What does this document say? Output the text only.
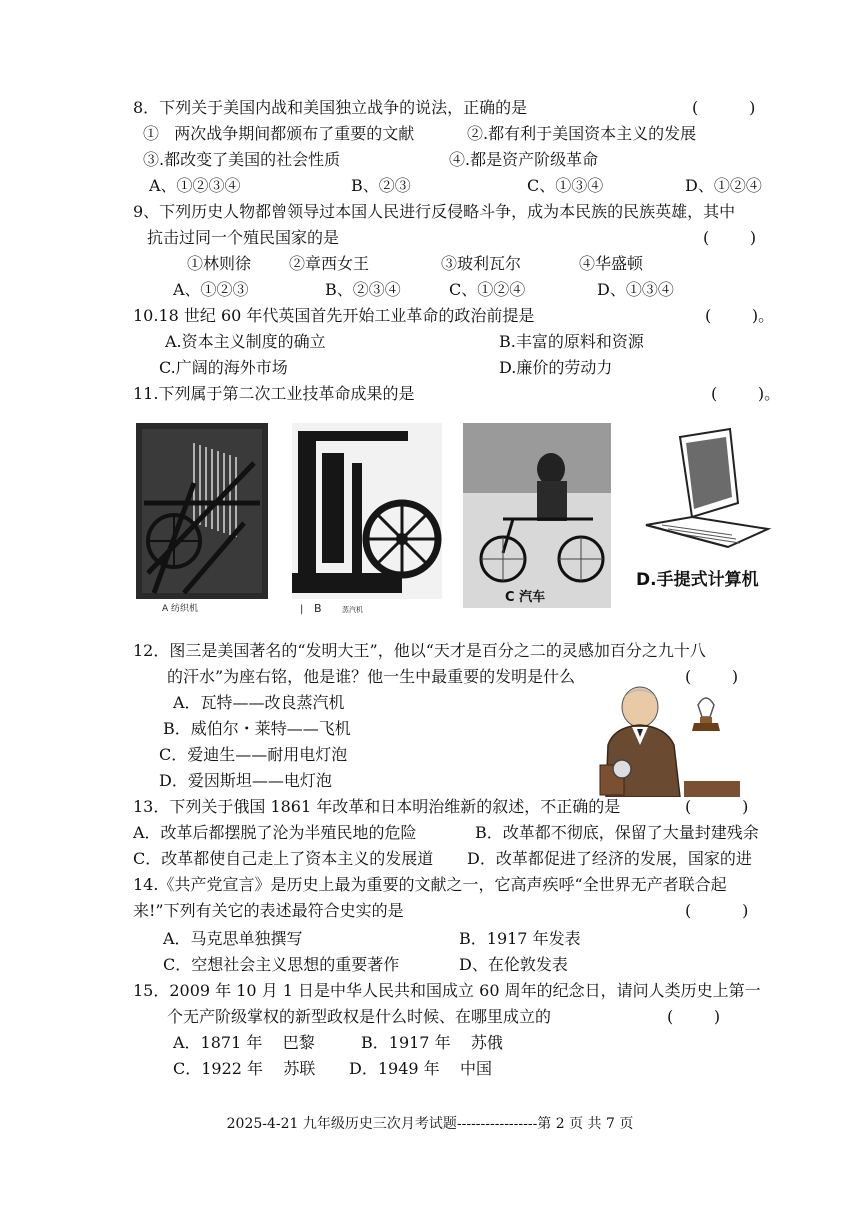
8．下列关于美国内战和美国独立战争的说法，正确的是	(          )
①   两次战争期间都颁布了重要的文献	②.都有利于美国资本主义的发展
③.都改变了美国的社会性质	④.都是资产阶级革命
A、①②③④	B、②③	C、①③④	D、①②④
9、下列历史人物都曾领导过本国人民进行反侵略斗争，成为本民族的民族英雄，其中
抗击过同一个殖民国家的是	(        )
①林则徐 ②章西女王	③玻利瓦尔	④华盛顿
A、①②③	B、②③④	C、①②④	D、①③④
10.18 世纪 60 年代英国首先开始工业革命的政治前提是	(        )。
A.资本主义制度的确立	B.丰富的原料和资源
C.广阔的海外市场	D.廉价的劳动力
11.下列属于第二次工业技革命成果的是	(        )。
A 纺织机	| B	蒸汽机
C 汽车
D.手提式计算机
12．图三是美国著名的“发明大王”，他以“天才是百分之二的灵感加百分之九十八
的汗水”为座右铭，他是谁？他一生中最重要的发明是什么	(        )
A．瓦特——改良蒸汽机
B．威伯尔・莱特——飞机
C．爱迪生——耐用电灯泡
D．爱因斯坦——电灯泡
13．下列关于俄国 1861 年改革和日本明治维新的叙述，不正确的是	(          )
A．改革后都摆脱了沦为半殖民地的危险	B．改革都不彻底，保留了大量封建残余
C．改革都使自己走上了资本主义的发展道 D．改革都促进了经济的发展，国家的进
14.《共产党宣言》是历史上最为重要的文献之一，它高声疾呼“全世界无产者联合起
来!”下列有关它的表述最符合史实的是	(          )
A．马克思单独撰写	B．1917 年发表
C．空想社会主义思想的重要著作	D、在伦敦发表
15．2009 年 10 月 1 日是中华人民共和国成立 60 周年的纪念日，请问人类历史上第一
个无产阶级掌权的新型政权是什么时候、在哪里成立的	(        )
A．1871 年    巴黎	B．1917 年    苏俄
C．1922 年    苏联 D．1949 年    中国
2025-4-21 九年级历史三次月考试题-----------------第 2 页 共 7 页
